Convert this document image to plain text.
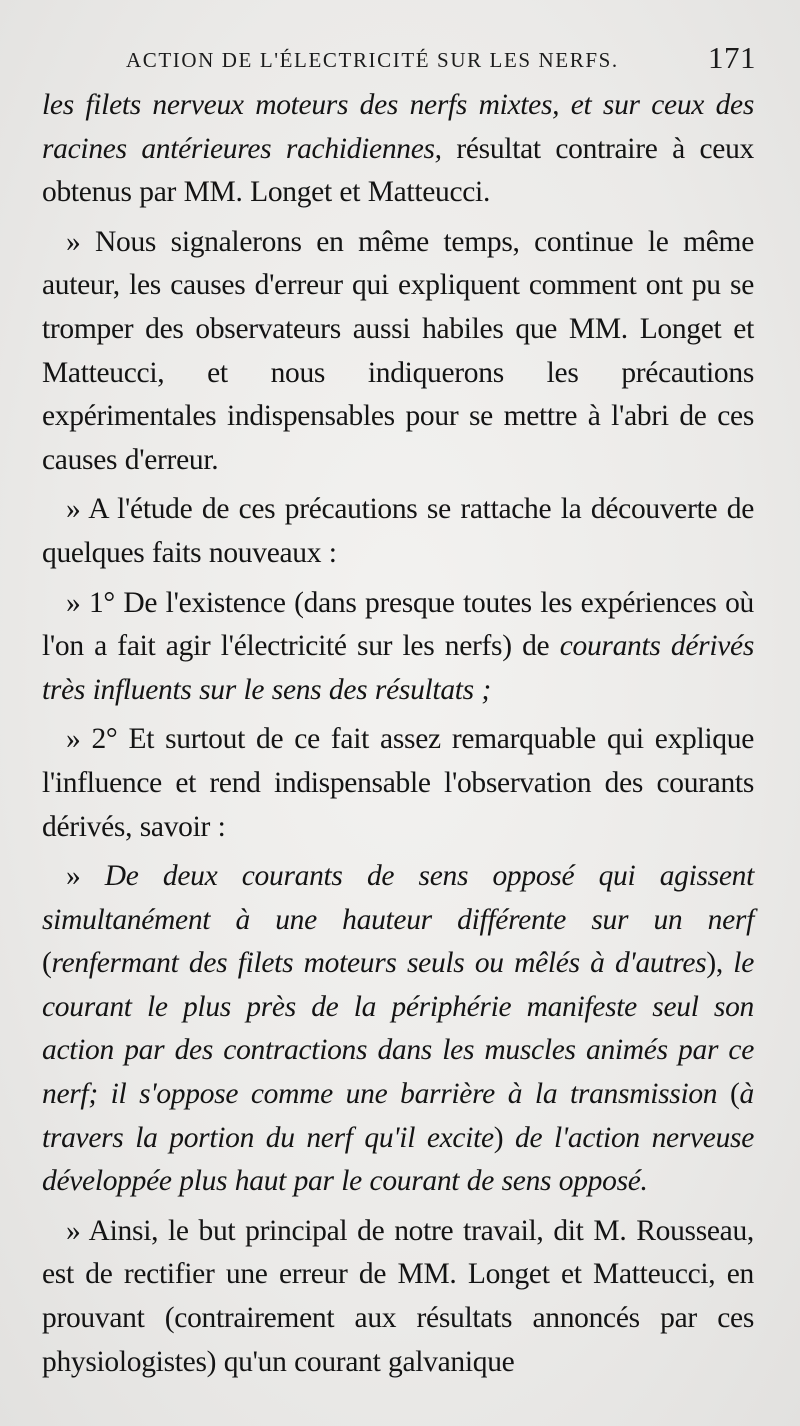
ACTION DE L'ÉLECTRICITÉ SUR LES NERFS.	171

les filets nerveux moteurs des nerfs mixtes, et sur ceux des racines antérieures rachidiennes, résultat contraire à ceux obtenus par MM. Longet et Matteucci.

» Nous signalerons en même temps, continue le même auteur, les causes d'erreur qui expliquent comment ont pu se tromper des observateurs aussi habiles que MM. Longet et Matteucci, et nous indiquerons les précautions expérimentales indispensables pour se mettre à l'abri de ces causes d'erreur.

» A l'étude de ces précautions se rattache la découverte de quelques faits nouveaux :

» 1° De l'existence (dans presque toutes les expériences où l'on a fait agir l'électricité sur les nerfs) de courants dérivés très influents sur le sens des résultats ;

» 2° Et surtout de ce fait assez remarquable qui explique l'influence et rend indispensable l'observation des courants dérivés, savoir :

» De deux courants de sens opposé qui agissent simultanément à une hauteur différente sur un nerf (renfermant des filets moteurs seuls ou mêlés à d'autres), le courant le plus près de la périphérie manifeste seul son action par des contractions dans les muscles animés par ce nerf; il s'oppose comme une barrière à la transmission (à travers la portion du nerf qu'il excite) de l'action nerveuse développée plus haut par le courant de sens opposé.

» Ainsi, le but principal de notre travail, dit M. Rousseau, est de rectifier une erreur de MM. Longet et Matteucci, en prouvant (contrairement aux résultats annoncés par ces physiologistes) qu'un courant galvanique
